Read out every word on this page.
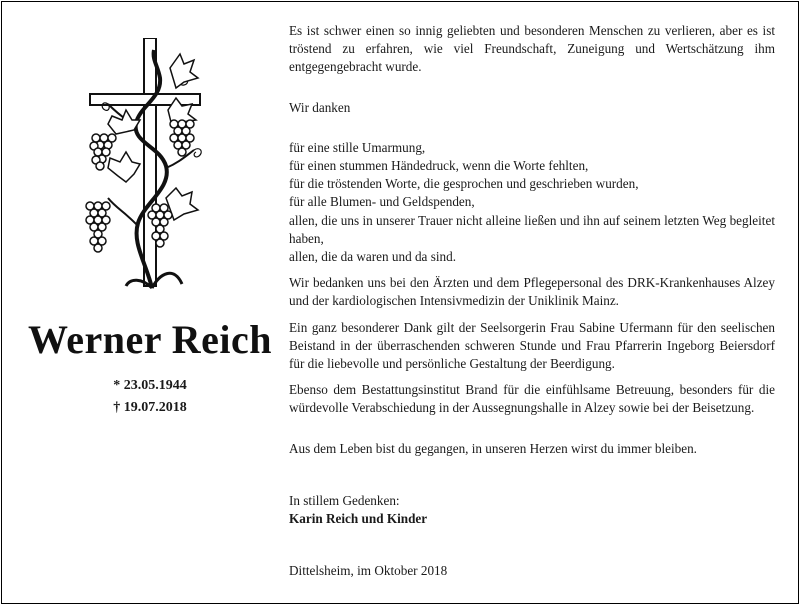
Werner Reich
* 23.05.1944
† 19.07.2018

Es ist schwer einen so innig geliebten und besonderen Menschen zu verlieren, aber es ist tröstend zu erfahren, wie viel Freundschaft, Zuneigung und Wertschätzung ihm entgegengebracht wurde.

Wir danken

für eine stille Umarmung,

für einen stummen Händedruck, wenn die Worte fehlten,

für die tröstenden Worte, die gesprochen und geschrieben wurden,

für alle Blumen- und Geldspenden,

allen, die uns in unserer Trauer nicht alleine ließen und ihn auf seinem letzten Weg begleitet haben,

allen, die da waren und da sind.

Wir bedanken uns bei den Ärzten und dem Pflegepersonal des DRK-Krankenhauses Alzey und der kardiologischen Intensivmedizin der Uniklinik Mainz.

Ein ganz besonderer Dank gilt der Seelsorgerin Frau Sabine Ufermann für den seelischen Beistand in der überraschenden schweren Stunde und Frau Pfarrerin Ingeborg Beiersdorf für die liebevolle und persönliche Gestaltung der Beerdigung.

Ebenso dem Bestattungsinstitut Brand für die einfühlsame Betreuung, besonders für die würdevolle Verabschiedung in der Aussegnungshalle in Alzey sowie bei der Beisetzung.

Aus dem Leben bist du gegangen, in unseren Herzen wirst du immer bleiben.

In stillem Gedenken:

Karin Reich und Kinder

Dittelsheim, im Oktober 2018
